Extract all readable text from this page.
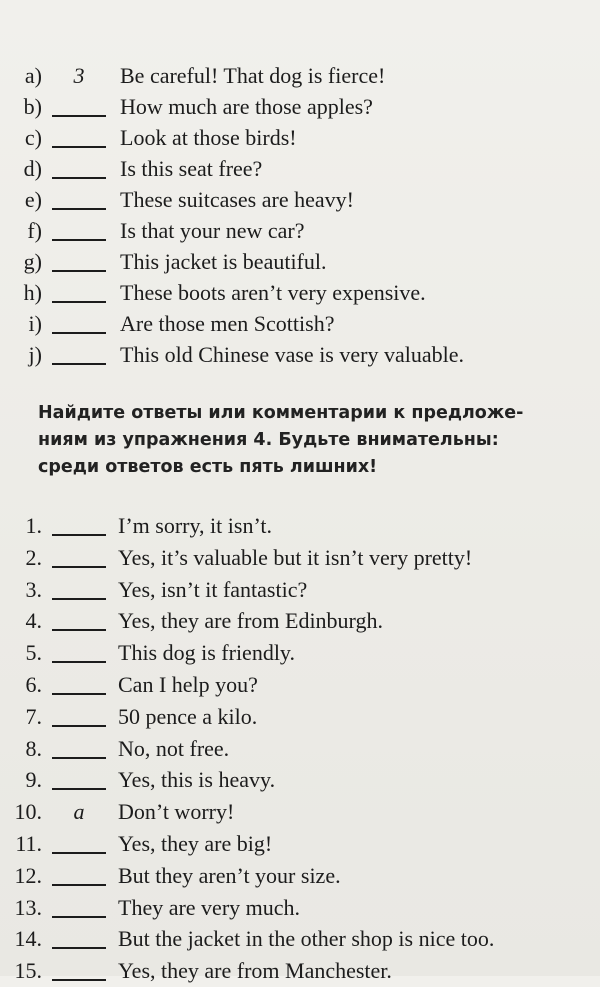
a)	3	Be careful! That dog is fierce!
b)	How much are those apples?
c)	Look at those birds!
d)	Is this seat free?
e)	These suitcases are heavy!
f)	Is that your new car?
g)	This jacket is beautiful.
h)	These boots aren’t very expensive.
i)	Are those men Scottish?
j)	This old Chinese vase is very valuable.

Найдите ответы или комментарии к предложе-
ниям из упражнения 4. Будьте внимательны:
среди ответов есть пять лишних!

1.	I’m sorry, it isn’t.
2.	Yes, it’s valuable but it isn’t very pretty!
3.	Yes, isn’t it fantastic?
4.	Yes, they are from Edinburgh.
5.	This dog is friendly.
6.	Can I help you?
7.	50 pence a kilo.
8.	No, not free.
9.	Yes, this is heavy.
10.	a	Don’t worry!
11.	Yes, they are big!
12.	But they aren’t your size.
13.	They are very much.
14.	But the jacket in the other shop is nice too.
15.	Yes, they are from Manchester.
